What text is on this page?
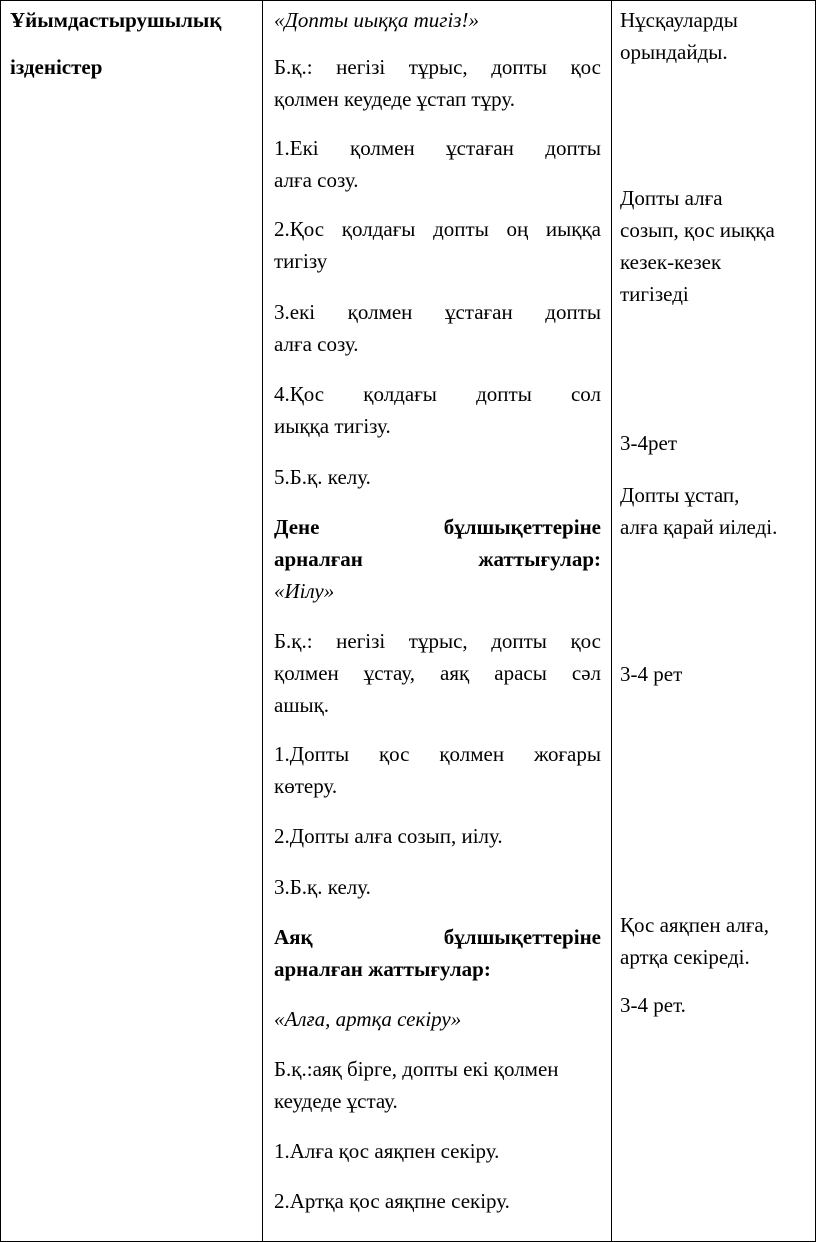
Ұйымдастырушылық

ізденістер

«Допты иыққа тигіз!»

Б.қ.: негізі тұрыс, допты қос

қолмен кеудеде ұстап тұру.

1.Екі қолмен ұстаған допты

алға созу.

2.Қос қолдағы допты оң иыққа

тигізу

3.екі қолмен ұстаған допты

алға созу.

4.Қос қолдағы допты сол

иыққа тигізу.

5.Б.қ. келу.

Дене бұлшықеттеріне

арналған жаттығулар:

«Иілу»

Б.қ.: негізі тұрыс, допты қос

қолмен ұстау, аяқ арасы сәл

ашық.

1.Допты қос қолмен жоғары

көтеру.

2.Допты алға созып, иілу.

3.Б.қ. келу.

Аяқ бұлшықеттеріне

арналған жаттығулар:

«Алға, артқа секіру»

Б.қ.:аяқ бірге, допты екі қолмен

кеудеде ұстау.

1.Алға қос аяқпен секіру.

2.Артқа қос аяқпне секіру.

Нұсқауларды

орындайды.

Допты алға

созып, қос иыққа

кезек-кезек

тигізеді

3-4рет

Допты ұстап,

алға қарай иіледі.

3-4 рет

Қос аяқпен алға,

артқа секіреді.

3-4 рет.
